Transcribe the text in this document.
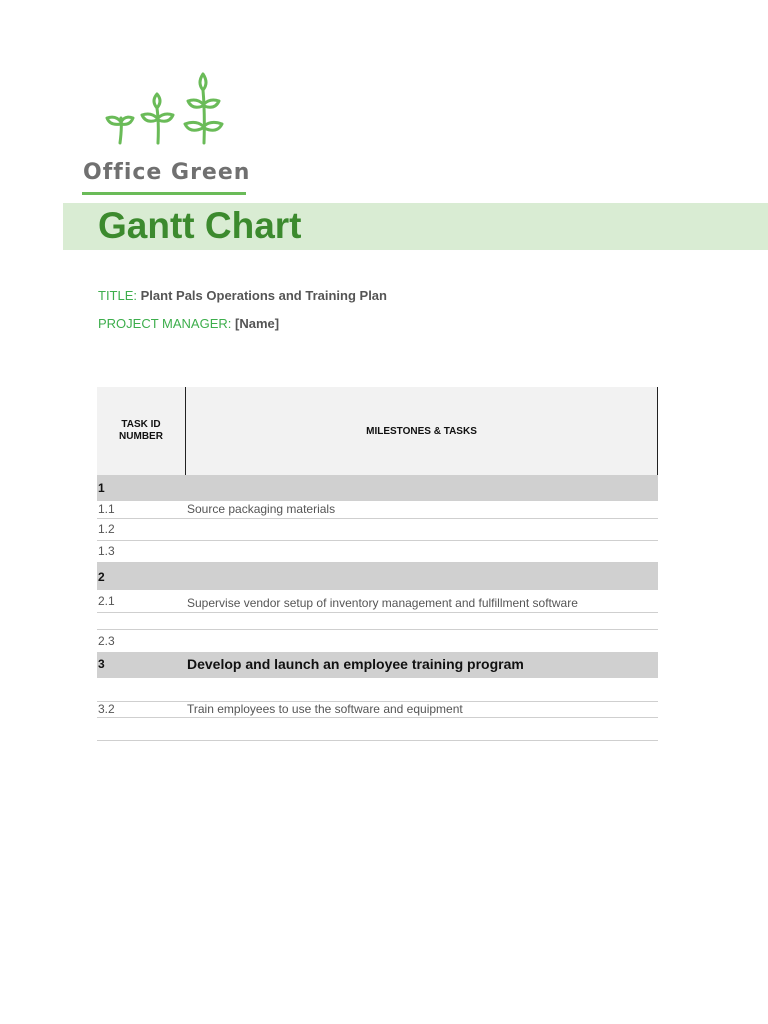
Office Green
Gantt Chart
TITLE: Plant Pals Operations and Training Plan
PROJECT MANAGER: [Name]
TASK ID NUMBER	MILESTONES & TASKS
1
1.1	Source packaging materials
1.2
1.3
2
2.1	Supervise vendor setup of inventory management and fulfillment software
2.3
3	Develop and launch an employee training program
3.2	Train employees to use the software and equipment
